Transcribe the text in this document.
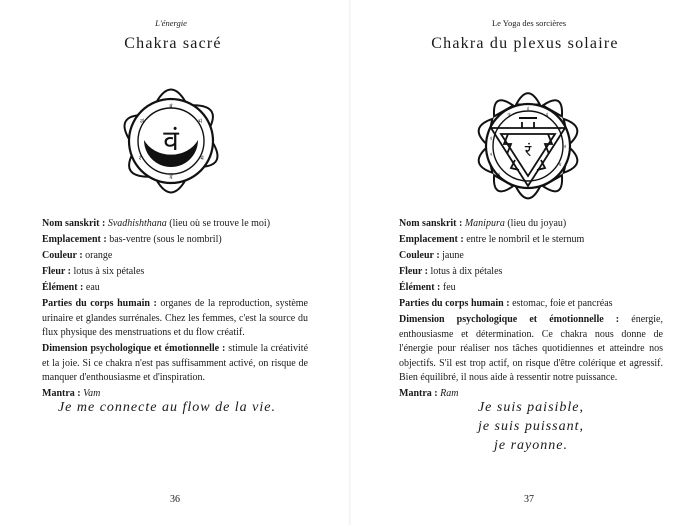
L'énergie
Chakra sacré
वं
बं
भं
मं
यं
रं
लं
Nom sanskrit : Svadhishthana (lieu où se trouve le moi)
Emplacement : bas-ventre (sous le nombril)
Couleur : orange
Fleur : lotus à six pétales
Élément : eau
Parties du corps humain : organes de la reproduction, système urinaire et glandes surrénales. Chez les femmes, c'est la source du flux physique des menstruations et du flow créatif.
Dimension psychologique et émotionnelle : stimule la créativité et la joie. Si ce chakra n'est pas suffisamment activé, on risque de manquer d'enthousiasme et d'inspiration.
Mantra : Vam
Je me connecte au flow de la vie.
36
Le Yoga des sorcières
Chakra du plexus solaire
रं
डं
ढं
णं
तं
थं
दं
धं
नं
पं
फं
Nom sanskrit : Manipura (lieu du joyau)
Emplacement : entre le nombril et le sternum
Couleur : jaune
Fleur : lotus à dix pétales
Élément : feu
Parties du corps humain : estomac, foie et pancréas
Dimension psychologique et émotionnelle : énergie, enthousiasme et détermination. Ce chakra nous donne de l'énergie pour réaliser nos tâches quotidiennes et atteindre nos objectifs. S'il est trop actif, on risque d'être colérique et agressif. Bien équilibré, il nous aide à ressentir notre puissance.
Mantra : Ram
Je suis paisible,
je suis puissant,
je rayonne.
37
